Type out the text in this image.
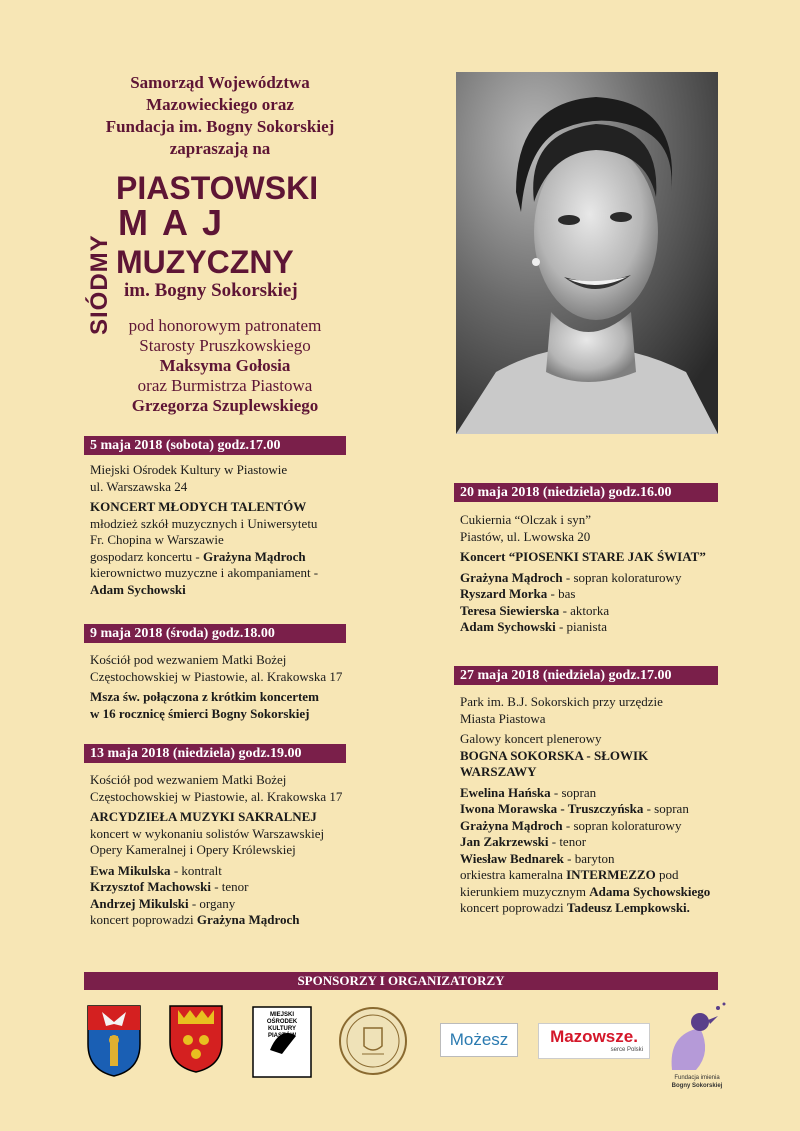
Samorząd Województwa
Mazowieckiego oraz
Fundacja im. Bogny Sokorskiej
zapraszają na
SIÓDMY
PIASTOWSKI
MAJ
MUZYCZNY
im. Bogny Sokorskiej
pod honorowym patronatem
Starosty Pruszkowskiego
Maksyma Gołosia
oraz Burmistrza Piastowa
Grzegorza Szuplewskiego
5 maja 2018 (sobota) godz.17.00
Miejski Ośrodek Kultury w Piastowie
ul. Warszawska 24
KONCERT MŁODYCH TALENTÓW
młodzież szkół muzycznych i Uniwersytetu
Fr. Chopina w Warszawie
gospodarz koncertu - Grażyna Mądroch
kierownictwo muzyczne i akompaniament -
Adam Sychowski
9 maja 2018 (środa) godz.18.00
Kościół pod wezwaniem Matki Bożej
Częstochowskiej w Piastowie, al. Krakowska 17
Msza św. połączona z krótkim koncertem
w 16 rocznicę śmierci Bogny Sokorskiej
13 maja 2018 (niedziela) godz.19.00
Kościół pod wezwaniem Matki Bożej
Częstochowskiej w Piastowie, al. Krakowska 17
ARCYDZIEŁA MUZYKI SAKRALNEJ
koncert w wykonaniu solistów Warszawskiej
Opery Kameralnej i Opery Królewskiej
Ewa Mikulska - kontralt
Krzysztof Machowski - tenor
Andrzej Mikulski - organy
koncert poprowadzi Grażyna Mądroch
20 maja 2018 (niedziela) godz.16.00
Cukiernia “Olczak i syn”
Piastów, ul. Lwowska 20
Koncert “PIOSENKI STARE JAK ŚWIAT”
Grażyna Mądroch - sopran koloraturowy
Ryszard Morka - bas
Teresa Siewierska - aktorka
Adam Sychowski - pianista
27 maja 2018 (niedziela) godz.17.00
Park im. B.J. Sokorskich przy urzędzie
Miasta Piastowa
Galowy koncert plenerowy
BOGNA SOKORSKA - SŁOWIK
WARSZAWY
Ewelina Hańska - sopran
Iwona Morawska - Truszczyńska - sopran
Grażyna Mądroch - sopran koloraturowy
Jan Zakrzewski - tenor
Wiesław Bednarek - baryton
orkiestra kameralna INTERMEZZO pod
kierunkiem muzycznym Adama Sychowskiego
koncert poprowadzi Tadeusz Lempkowski.
SPONSORZY I ORGANIZATORZY
MIEJSKI OŚRODEK KULTURY PIASTÓW	Możesz	Mazowsze.
serce Polski
Fundacja imienia
Bogny Sokorskiej
